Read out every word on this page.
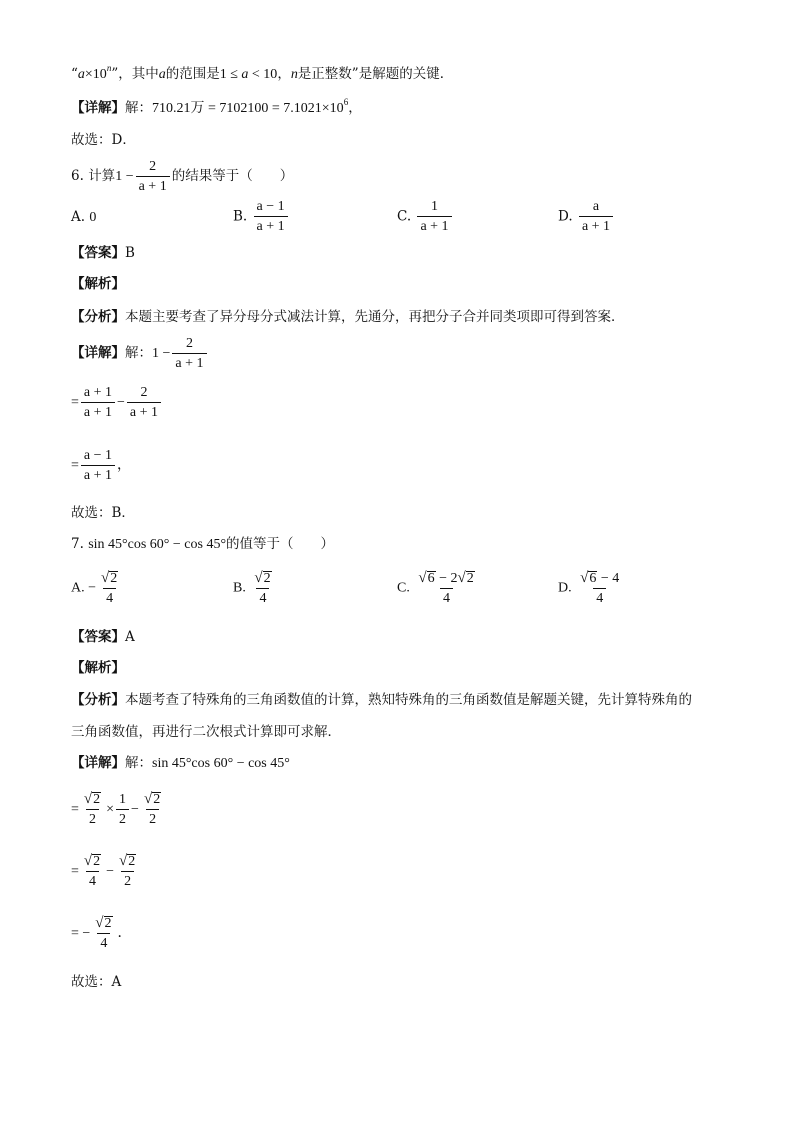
“$a\times 10^n$”，其中a的范围是1 ≤ a < 10，n是正整数”是解题的关键．
【详解】解：710.21万 = $7102100 = 7.1021\times 10^6$，
故选：D．
6. 计算$1 - \frac{2}{a + 1}$ 的结果等于（　　）
A. 0	B. $\frac{a - 1}{a + 1}$	C. $\frac{1}{a + 1}$	D. $\frac{a}{a + 1}$
【答案】B
【解析】
【分析】本题主要考查了异分母分式减法计算，先通分，再把分子合并同类项即可得到答案．
【详解】解：$1 - \frac{2}{a + 1}$
= $\frac{a + 1}{a + 1} - \frac{2}{a + 1}$
= $\frac{a - 1}{a + 1}$ ，
故选：B．
7. sin 45°cos 60° − cos 45°的值等于（　　）
A. − $\frac{√ 2}{4}$	B. $\frac{√ 2}{4}$	C. $\frac{√ 6 - 2 √ 2}{4}$	D. $\frac{√ 6 - 4}{4}$
【答案】A
【解析】
【分析】本题考查了特殊角的三角函数值的计算，熟知特殊角的三角函数值是解题关键，先计算特殊角的
三角函数值，再进行二次根式计算即可求解．
【详解】解：sin 45°cos 60° − cos 45°
= $\frac{√ 2}{2} \times \frac{1}{2} - \frac{√ 2}{2}$
= $\frac{√ 2}{4} - \frac{√ 2}{2}$
= − $\frac{√ 2}{4}$ ．
故选：A
